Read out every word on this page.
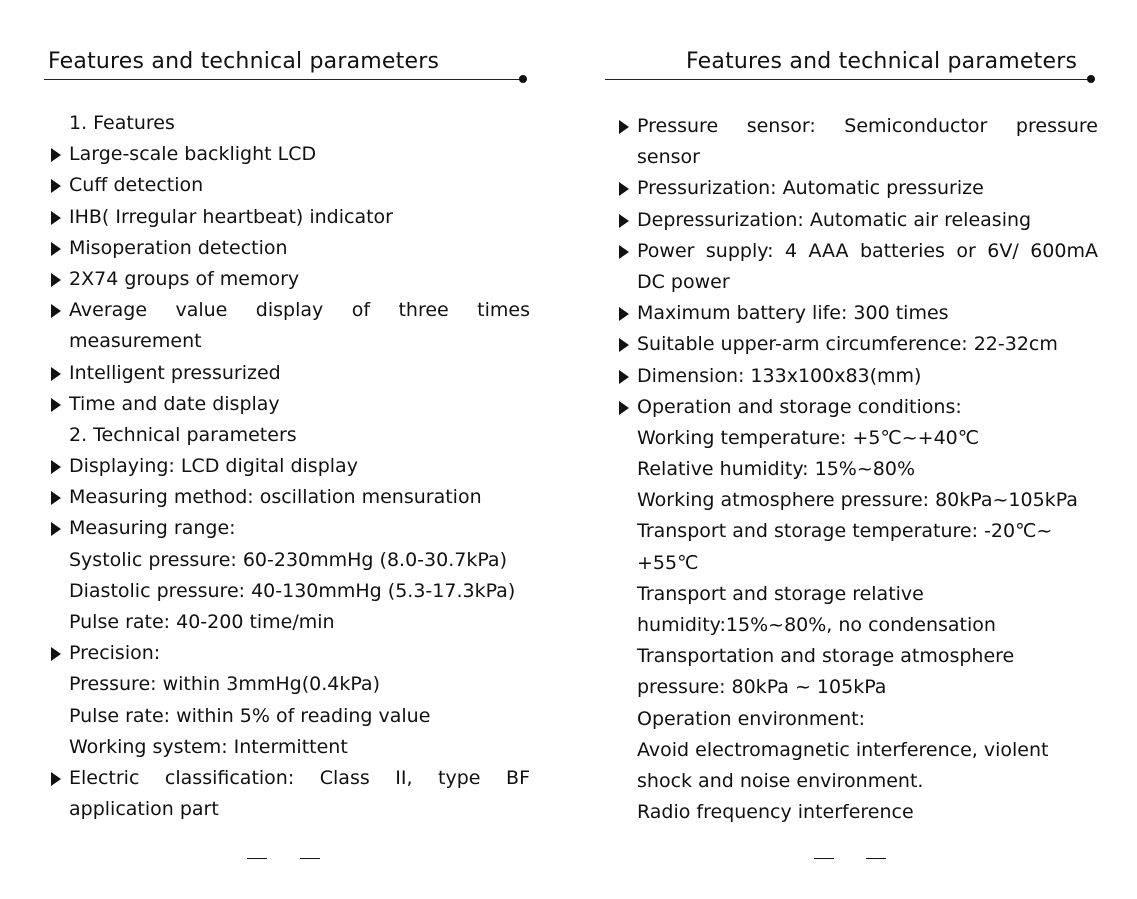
Features and technical parameters
1. Features
Large-scale backlight LCD
Cuff detection
IHB( Irregular heartbeat) indicator
Misoperation detection
2X74 groups of memory
Average value display of three times
measurement
Intelligent pressurized
Time and date display
2. Technical parameters
Displaying: LCD digital display
Measuring method: oscillation mensuration
Measuring range:
Systolic pressure: 60-230mmHg (8.0-30.7kPa)
Diastolic pressure: 40-130mmHg (5.3-17.3kPa)
Pulse rate: 40-200 time/min
Precision:
Pressure: within 3mmHg(0.4kPa)
Pulse rate: within 5% of reading value
Working system: Intermittent
Electric classification: Class II, type BF
application part
Features and technical parameters
Pressure sensor: Semiconductor pressure
sensor
Pressurization: Automatic pressurize
Depressurization: Automatic air releasing
Power supply: 4 AAA batteries or 6V/ 600mA
DC power
Maximum battery life: 300 times
Suitable upper-arm circumference: 22-32cm
Dimension: 133x100x83(mm)
Operation and storage conditions:
Working temperature: +5℃~+40℃
Relative humidity: 15%~80%
Working atmosphere pressure: 80kPa~105kPa
Transport and storage temperature: -20℃~
+55℃
Transport and storage relative
humidity:15%~80%, no condensation
Transportation and storage atmosphere
pressure: 80kPa ~ 105kPa
Operation environment:
Avoid electromagnetic interference, violent
shock and noise environment.
Radio frequency interference
